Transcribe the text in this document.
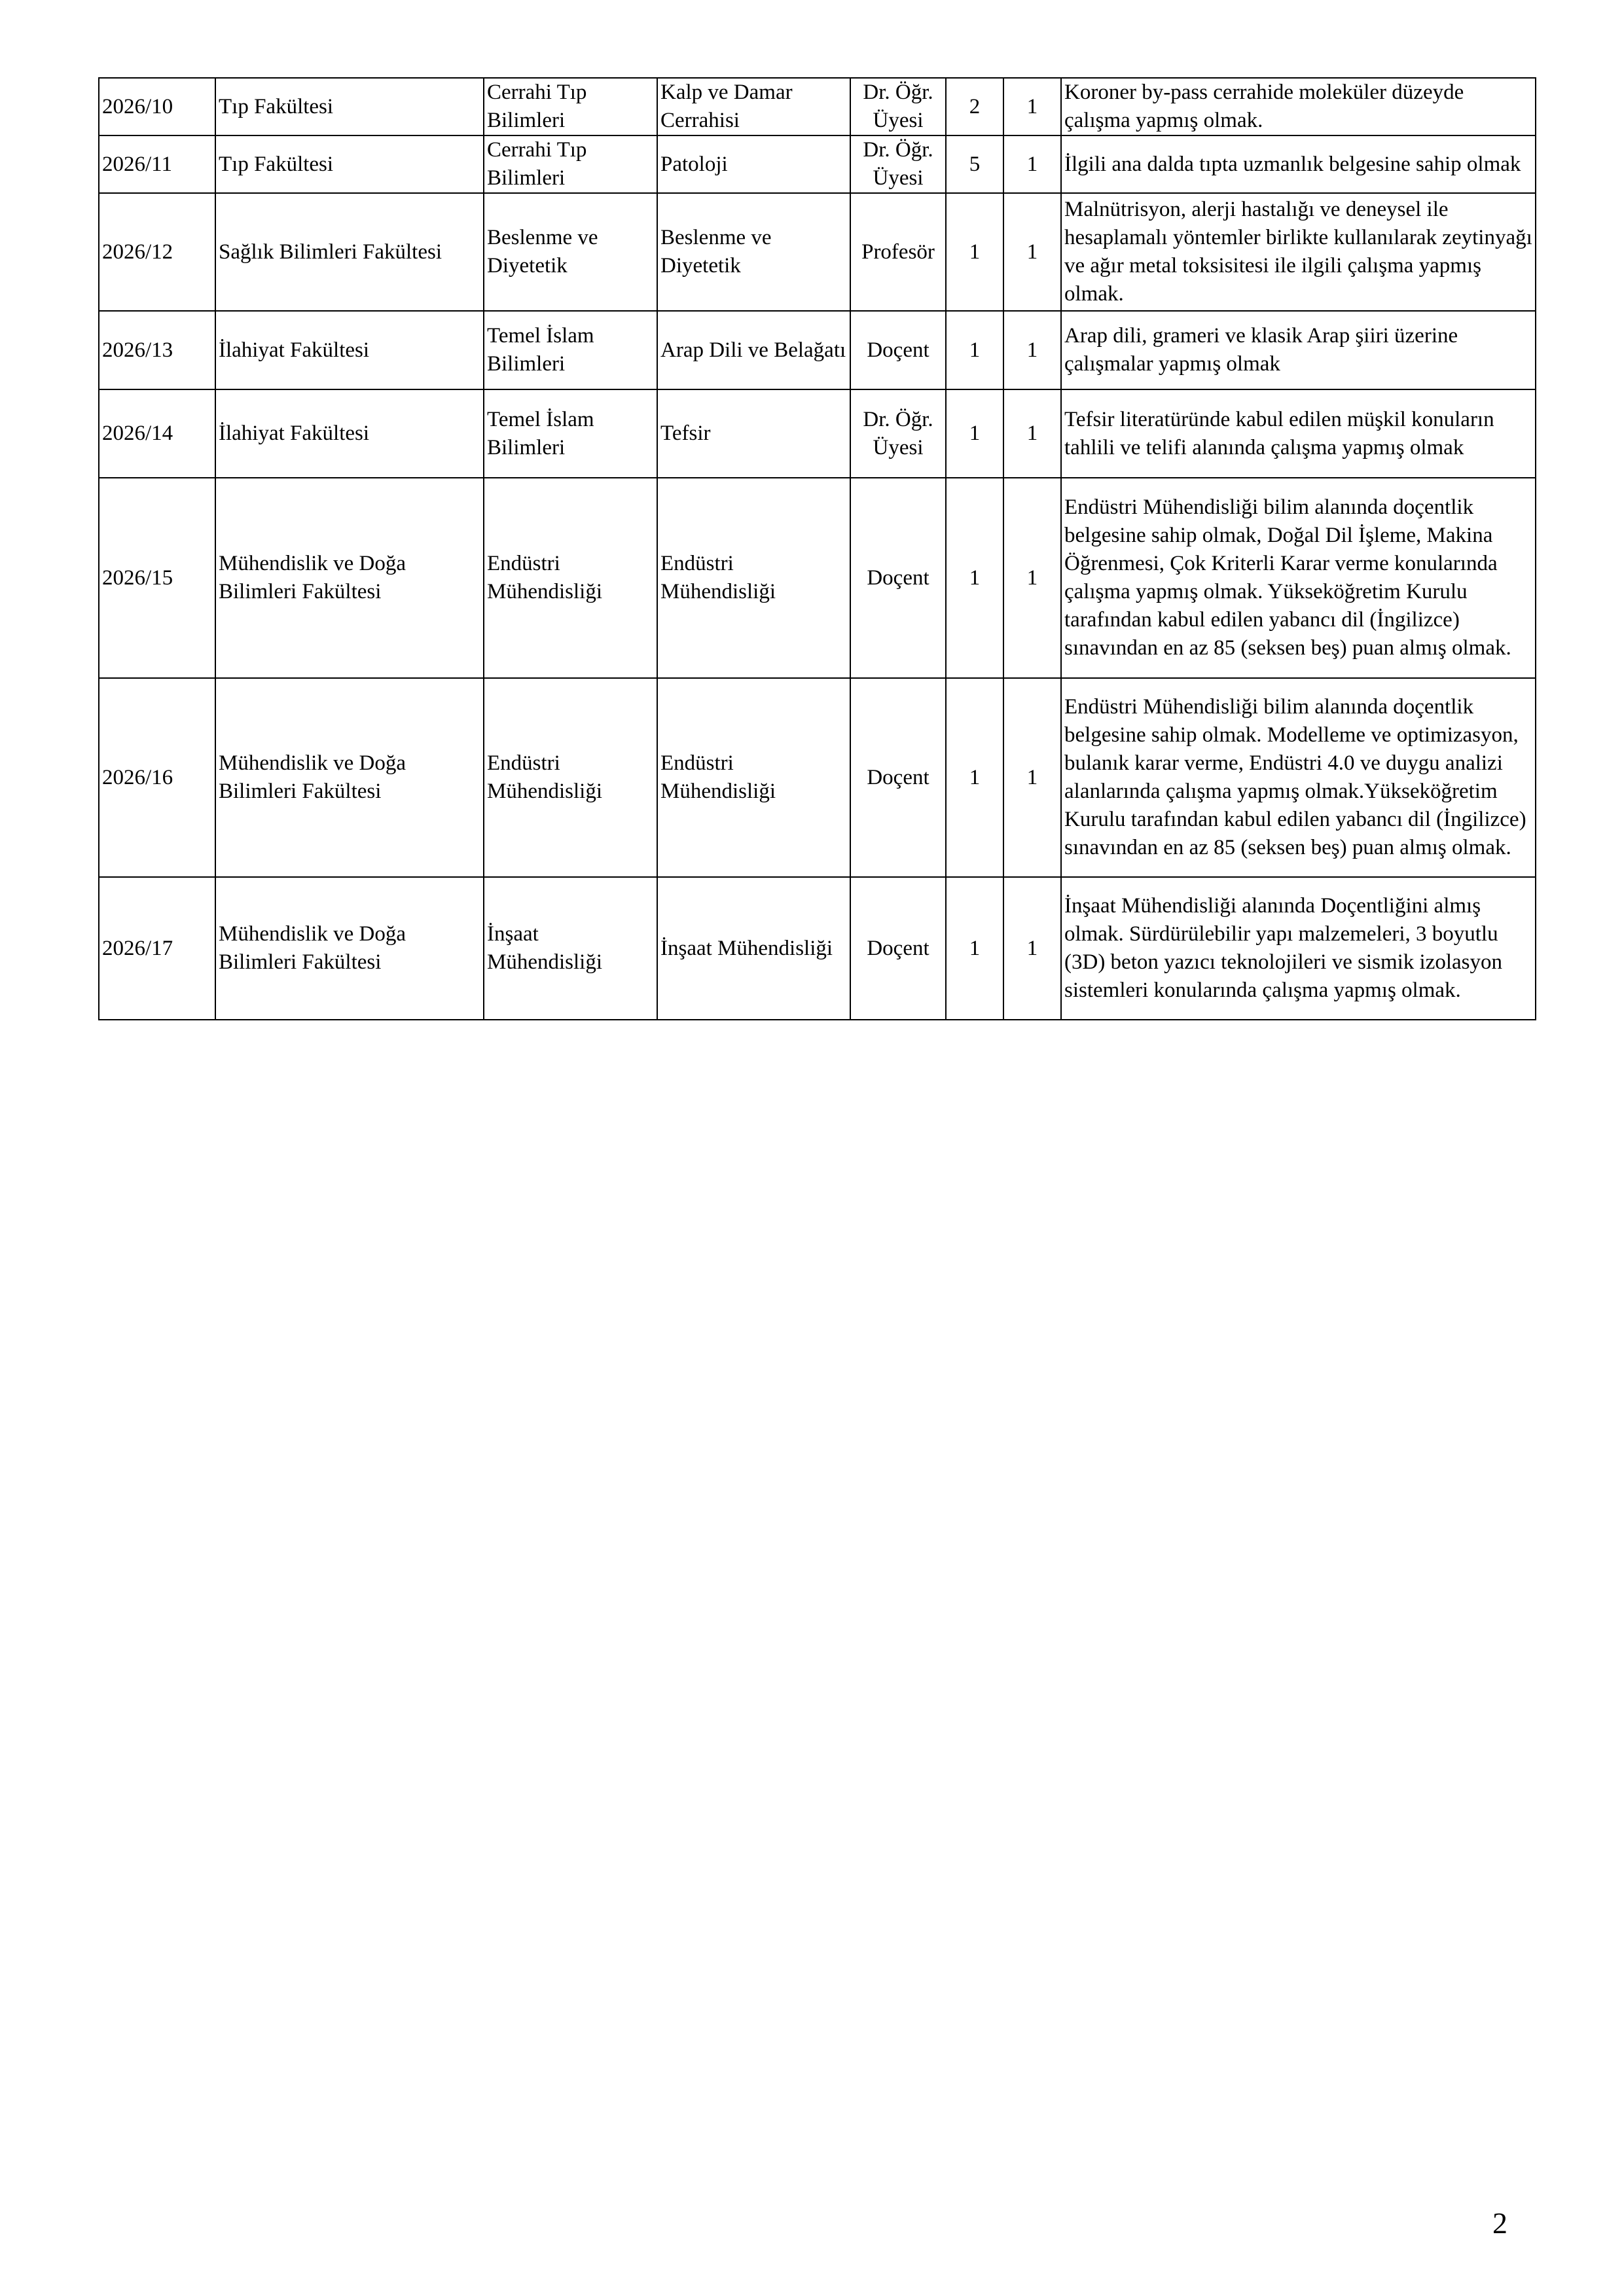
2026/10	Tıp Fakültesi	Cerrahi Tıp Bilimleri	Kalp ve Damar Cerrahisi	Dr. Öğr. Üyesi	2	1	Koroner by-pass cerrahide moleküler düzeyde çalışma yapmış olmak.
2026/11	Tıp Fakültesi	Cerrahi Tıp Bilimleri	Patoloji	Dr. Öğr. Üyesi	5	1	İlgili ana dalda tıpta uzmanlık belgesine sahip olmak
2026/12	Sağlık Bilimleri Fakültesi	Beslenme ve Diyetetik	Beslenme ve Diyetetik	Profesör	1	1	Malnütrisyon, alerji hastalığı ve deneysel ile hesaplamalı yöntemler birlikte kullanılarak zeytinyağı ve ağır metal toksisitesi ile ilgili çalışma yapmış olmak.
2026/13	İlahiyat Fakültesi	Temel İslam Bilimleri	Arap Dili ve Belağatı	Doçent	1	1	Arap dili, grameri ve klasik Arap şiiri üzerine çalışmalar yapmış olmak
2026/14	İlahiyat Fakültesi	Temel İslam Bilimleri	Tefsir	Dr. Öğr. Üyesi	1	1	Tefsir literatüründe kabul edilen müşkil konuların tahlili ve telifi alanında çalışma yapmış olmak
2026/15	Mühendislik ve Doğa Bilimleri Fakültesi	Endüstri Mühendisliği	Endüstri Mühendisliği	Doçent	1	1	Endüstri Mühendisliği bilim alanında doçentlik belgesine sahip olmak, Doğal Dil İşleme, Makina Öğrenmesi, Çok Kriterli Karar verme konularında çalışma yapmış olmak. Yükseköğretim Kurulu tarafından kabul edilen yabancı dil (İngilizce) sınavından en az 85 (seksen beş) puan almış olmak.
2026/16	Mühendislik ve Doğa Bilimleri Fakültesi	Endüstri Mühendisliği	Endüstri Mühendisliği	Doçent	1	1	Endüstri Mühendisliği bilim alanında doçentlik belgesine sahip olmak. Modelleme ve optimizasyon, bulanık karar verme, Endüstri 4.0 ve duygu analizi alanlarında çalışma yapmış olmak.Yükseköğretim Kurulu tarafından kabul edilen yabancı dil (İngilizce) sınavından en az 85 (seksen beş) puan almış olmak.
2026/17	Mühendislik ve Doğa Bilimleri Fakültesi	İnşaat Mühendisliği	İnşaat Mühendisliği	Doçent	1	1	İnşaat Mühendisliği alanında Doçentliğini almış olmak. Sürdürülebilir yapı malzemeleri, 3 boyutlu (3D) beton yazıcı teknolojileri ve sismik izolasyon sistemleri konularında çalışma yapmış olmak.
2
